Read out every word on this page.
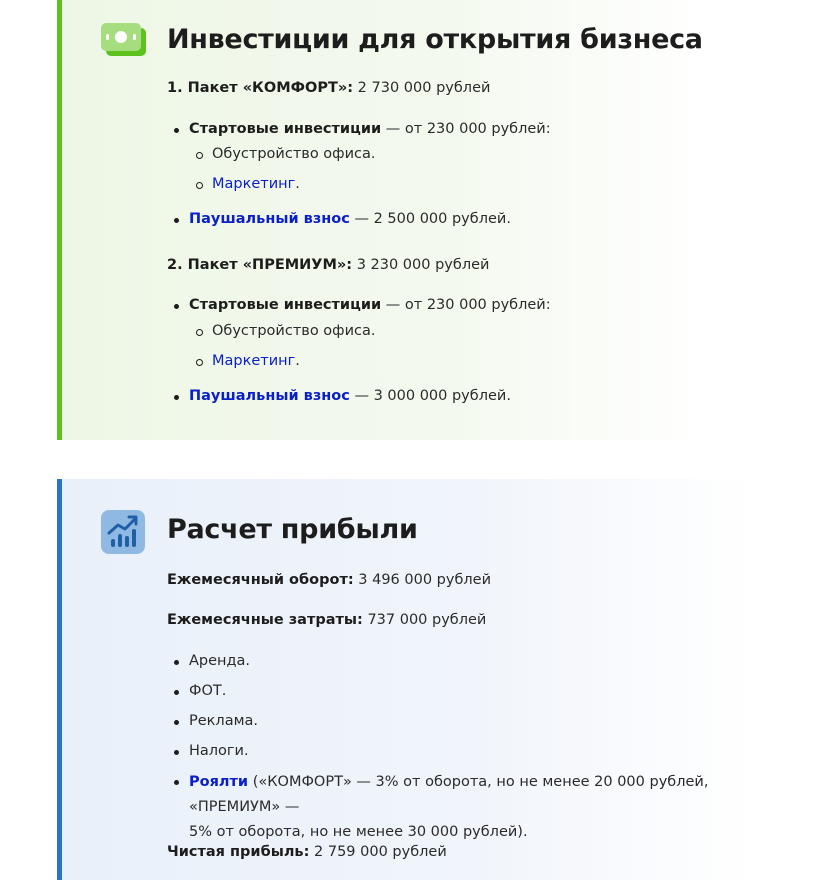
Инвестиции для открытия бизнеса
1. Пакет «КОМФОРТ»: 2 730 000 рублей
Стартовые инвестиции — от 230 000 рублей:
Обустройство офиса.
Маркетинг.
Паушальный взнос — 2 500 000 рублей.
2. Пакет «ПРЕМИУМ»: 3 230 000 рублей
Стартовые инвестиции — от 230 000 рублей:
Обустройство офиса.
Маркетинг.
Паушальный взнос — 3 000 000 рублей.
Расчет прибыли
Ежемесячный оборот: 3 496 000 рублей
Ежемесячные затраты: 737 000 рублей
Аренда.
ФОТ.
Реклама.
Налоги.
Роялти («КОМФОРТ» — 3% от оборота, но не менее 20 000 рублей, «ПРЕМИУМ» —
5% от оборота, но не менее 30 000 рублей).
Чистая прибыль: 2 759 000 рублей
